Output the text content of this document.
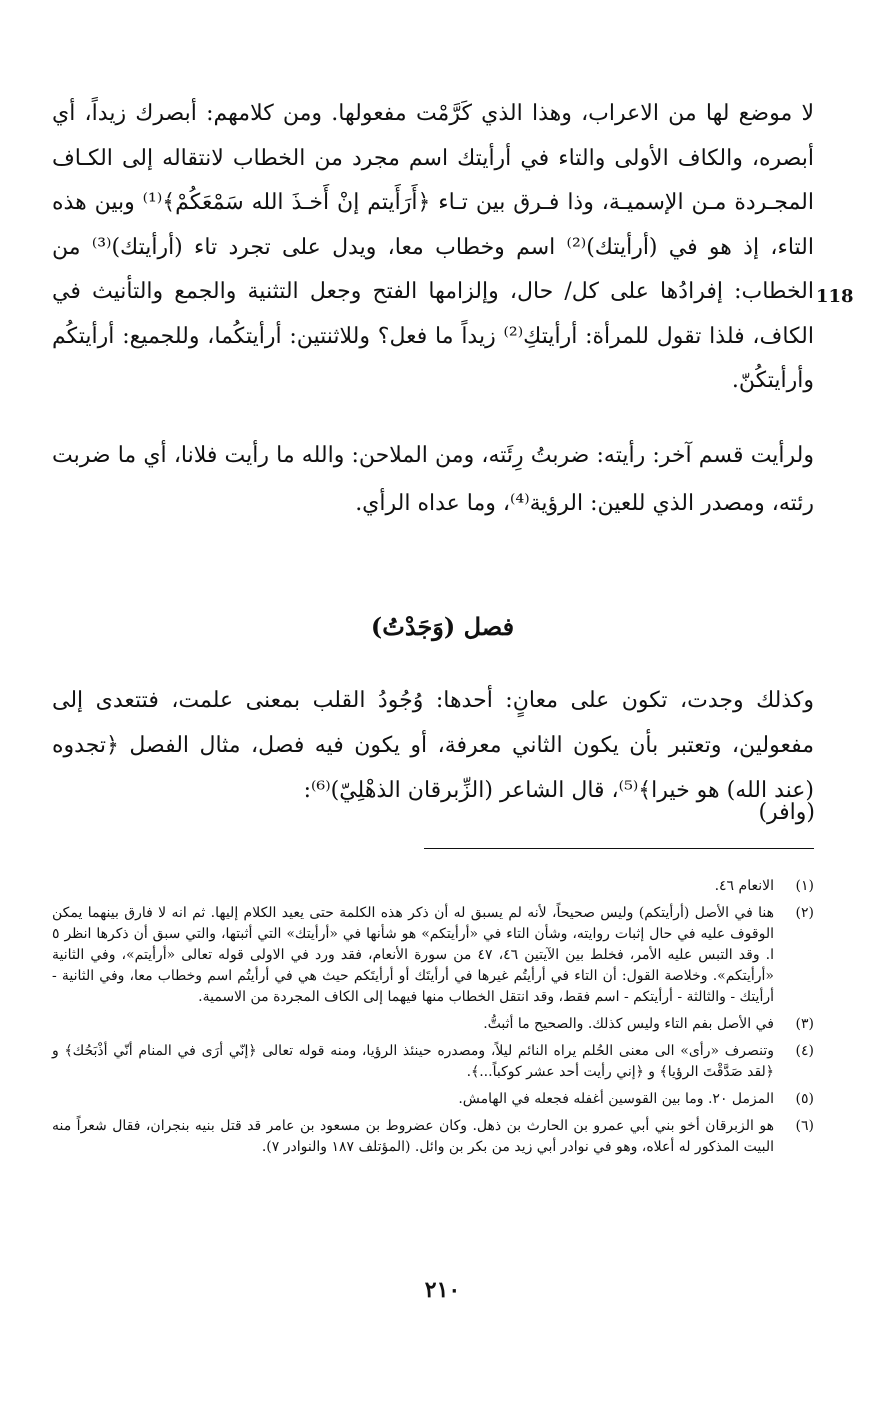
118
لا موضع لها من الاعراب، وهذا الذي كَرَّمْت مفعولها. ومن كلامهم: أبصرك زيداً، أي أبصره، والكاف الأولى والتاء في أرأيتك اسم مجرد من الخطاب لانتقاله إلى الكـاف المجـردة مـن الإسميـة، وذا فـرق بين تـاء ﴿أَرَأَيتم إنْ أَخـذَ الله سَمْعَكُمْ﴾⁽¹⁾ وبين هذه التاء، إذ هو في (أرأيتك)⁽²⁾ اسم وخطاب معا، ويدل على تجرد تاء (أرأيتك)⁽³⁾ من الخطاب: إفرادُها على كل/ حال، وإلزامها الفتح وجعل التثنية والجمع والتأنيث في الكاف، فلذا تقول للمرأة: أرأيتكِ⁽²⁾ زيداً ما فعل؟ وللاثنتين: أرأيتكُما، وللجميع: أرأيتكُم وأرأيتكُنّ.
ولرأيت قسم آخر: رأيته: ضربتُ رِئَته، ومن الملاحن: والله ما رأيت فلانا، أي ما ضربت رئته، ومصدر الذي للعين: الرؤية⁽⁴⁾، وما عداه الرأي.
فصل (وَجَدْتُ)
وكذلك وجدت، تكون على معانٍ: أحدها: وُجُودُ القلب بمعنى علمت، فتتعدى إلى مفعولين، وتعتبر بأن يكون الثاني معرفة، أو يكون فيه فصل، مثال الفصل ﴿تجدوه (عند الله) هو خيرا﴾⁽⁵⁾، قال الشاعر (الزِّبرقان الذهْلِيّ)⁽⁶⁾:
(وافر)
(١)
الانعام ٤٦.
(٢)
هنا في الأصل (أرأيتكم) وليس صحيحاً، لأنه لم يسبق له أن ذكر هذه الكلمة حتى يعيد الكلام إليها. ثم انه لا فارق بينهما يمكن الوقوف عليه في حال إثبات روايته، وشأن التاء في «أرأيتكم» هو شأنها في «أرأيتك» التي أثبتها، والتي سبق أن ذكرها انظر ٥ ا. وقد التبس عليه الأمر، فخلط بين الآيتين ٤٦، ٤٧ من سورة الأنعام، فقد ورد في الاولى قوله تعالى «أرأيتم»، وفي الثانية «أرأيتكم». وخلاصة القول: أن التاء في أرأيتُم غيرها في أرأيتَك أو أرأيتَكم حيث هي في أرأيتُم اسم وخطاب معا، وفي الثانية - أرأيتك - والثالثة - أرأيتكم - اسم فقط، وقد انتقل الخطاب منها فيهما إلى الكاف المجردة من الاسمية.
(٣)
في الأصل بفم التاء وليس كذلك. والصحيح ما أثبتُّ.
(٤)
وتنصرف «رأى» الى معنى الحُلم يراه النائم ليلاً، ومصدره حينئذ الرؤيا، ومنه قوله تعالى ﴿إنّي أرَى في المنام أنّي أذْبَحُك﴾ و ﴿لقد صَدَّقْتَ الرؤيا﴾ و ﴿إني رأيت أحد عشر كوكباً...﴾.
(٥)
المزمل ٢٠. وما بين القوسين أغفله فجعله في الهامش.
(٦)
هو الزبرقان أخو بني أبي عمرو بن الحارث بن ذهل. وكان عضروط بن مسعود بن عامر قد قتل بنيه بنجران، فقال شعراً منه البيت المذكور له أعلاه، وهو في نوادر أبي زيد من بكر بن وائل. (المؤتلف ١٨٧ والنوادر ٧).
٢١٠
